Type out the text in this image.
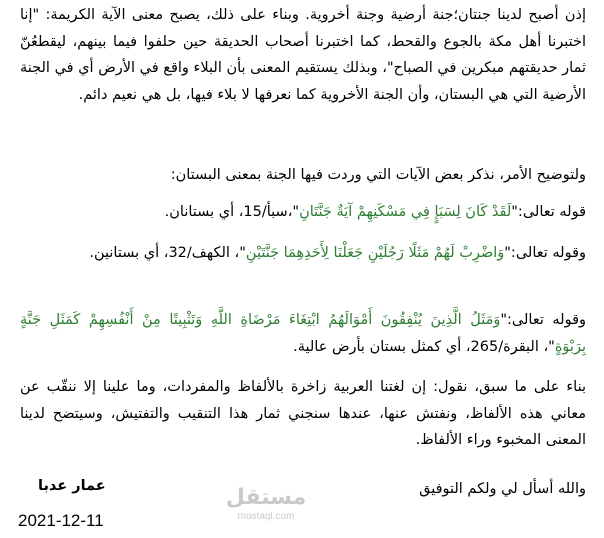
إذن أصبح لدينا جنتان؛جنة أرضية وجنة أخروية. وبناء على ذلك، يصبح معنى الآية الكريمة: "إنا اختبرنا أهل مكة بالجوع والقحط، كما اختبرنا أصحاب الحديقة حين حلفوا فيما بينهم، ليقطعُنّ ثمار حديقتهم مبكرين في الصباح"، وبذلك يستقيم المعنى بأن البلاء واقع في الأرض أي في الجنة الأرضية التي هي البستان، وأن الجنة الأخروية كما نعرفها لا بلاء فيها، بل هي نعيم دائم.

ولتوضيح الأمر، نذكر بعض الآيات التي وردت فيها الجنة بمعنى البستان:

قوله تعالى:"لَقَدْ كَانَ لِسَبَإٍ فِي مَسْكَنِهِمْ آيَةٌ جَنَّتَانِ"،سبأ/15، أي بستانان.

وقوله تعالى:"وَاضْرِبْ لَهُمْ مَثَلًا رَجُلَيْنِ جَعَلْنَا لِأَحَدِهِمَا جَنَّتَيْنِ"، الكهف/32، أي بستانين.

وقوله تعالى:"وَمَثَلُ الَّذِينَ يُنْفِقُونَ أَمْوَالَهُمُ ابْتِغَاءَ مَرْضَاةِ اللَّهِ وَتَثْبِيتًا مِنْ أَنْفُسِهِمْ كَمَثَلِ جَنَّةٍ بِرَبْوَةٍ"، البقرة/265، أي كمثل بستان بأرض عالية.

بناء على ما سبق، نقول: إن لغتنا العربية زاخرة بالألفاظ والمفردات، وما علينا إلا ننقّب عن معاني هذه الألفاظ، ونفتش عنها، عندها سنجني ثمار هذا التنقيب والتفتيش، وسيتضح لدينا المعنى المخبوء وراء الألفاظ.

والله أسأل لي ولكم التوفيق
عمار عدبا	مستقل
mostaql.com
2021-12-11
